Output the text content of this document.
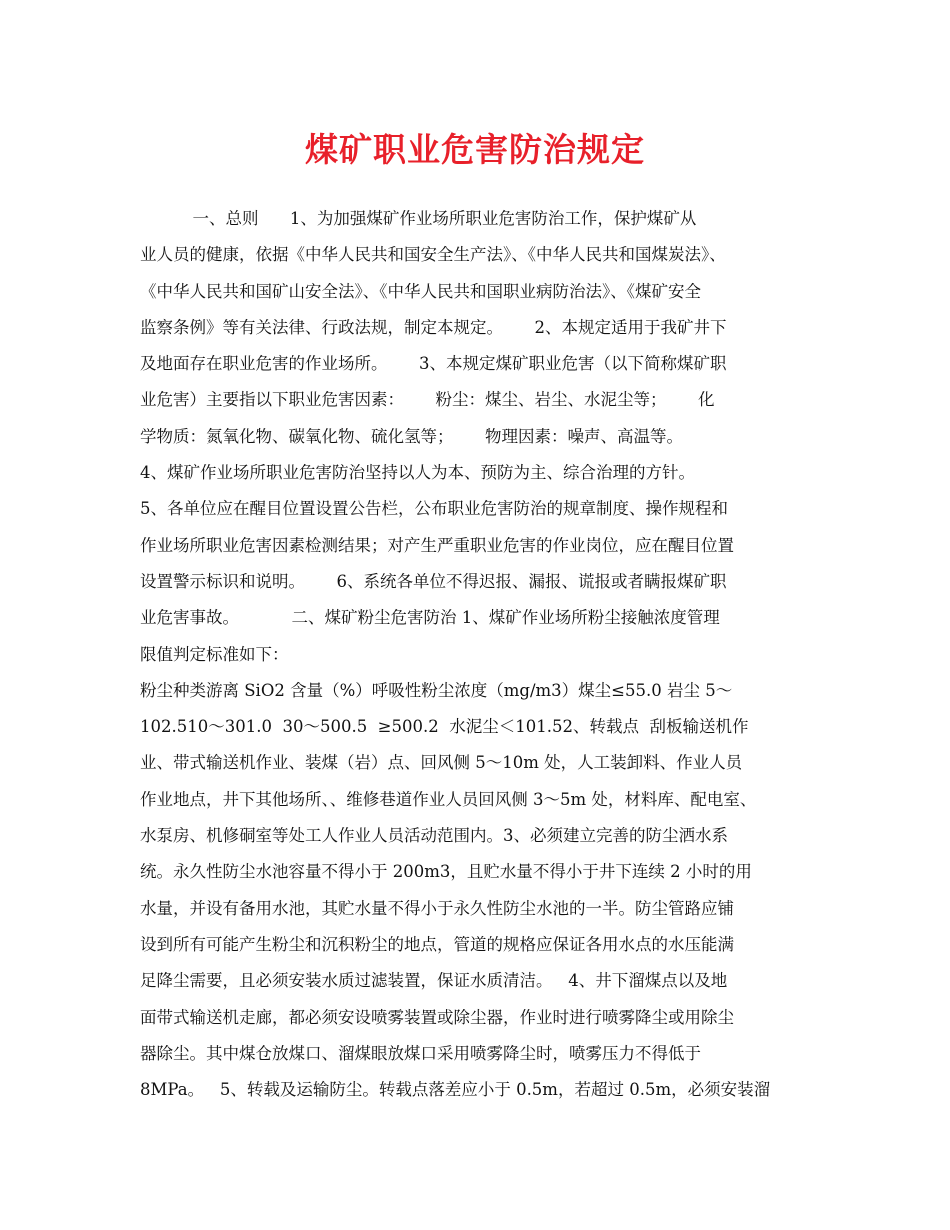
煤矿职业危害防治规定
一、总则      1、为加强煤矿作业场所职业危害防治工作，保护煤矿从
业人员的健康，依据《中华人民共和国安全生产法》、《中华人民共和国煤炭法》、
《中华人民共和国矿山安全法》、《中华人民共和国职业病防治法》、《煤矿安全
监察条例》等有关法律、行政法规，制定本规定。      2、本规定适用于我矿井下
及地面存在职业危害的作业场所。      3、本规定煤矿职业危害（以下简称煤矿职
业危害）主要指以下职业危害因素：      粉尘：煤尘、岩尘、水泥尘等；      化
学物质：氮氧化物、碳氧化物、硫化氢等；      物理因素：噪声、高温等。
4、煤矿作业场所职业危害防治坚持以人为本、预防为主、综合治理的方针。
5、各单位应在醒目位置设置公告栏，公布职业危害防治的规章制度、操作规程和
作业场所职业危害因素检测结果；对产生严重职业危害的作业岗位，应在醒目位置
设置警示标识和说明。      6、系统各单位不得迟报、漏报、谎报或者瞒报煤矿职
业危害事故。          二、煤矿粉尘危害防治 1、煤矿作业场所粉尘接触浓度管理
限值判定标准如下：
粉尘种类游离 SiO2 含量（%）呼吸性粉尘浓度（mg/m3）煤尘≤55.0 岩尘 5～
102.510～301.0  30～500.5  ≥500.2  水泥尘＜101.52、转载点  刮板输送机作
业、带式输送机作业、装煤（岩）点、回风侧 5～10m 处，人工装卸料、作业人员
作业地点，井下其他场所、、维修巷道作业人员回风侧 3～5m 处，材料库、配电室、
水泵房、机修硐室等处工人作业人员活动范围内。3、必须建立完善的防尘洒水系
统。永久性防尘水池容量不得小于 200m3，且贮水量不得小于井下连续 2 小时的用
水量，并设有备用水池，其贮水量不得小于永久性防尘水池的一半。防尘管路应铺
设到所有可能产生粉尘和沉积粉尘的地点，管道的规格应保证各用水点的水压能满
足降尘需要，且必须安装水质过滤装置，保证水质清洁。   4、井下溜煤点以及地
面带式输送机走廊，都必须安设喷雾装置或除尘器，作业时进行喷雾降尘或用除尘
器除尘。其中煤仓放煤口、溜煤眼放煤口采用喷雾降尘时，喷雾压力不得低于
8MPa。   5、转载及运输防尘。转载点落差应小于 0.5m，若超过 0.5m，必须安装溜
